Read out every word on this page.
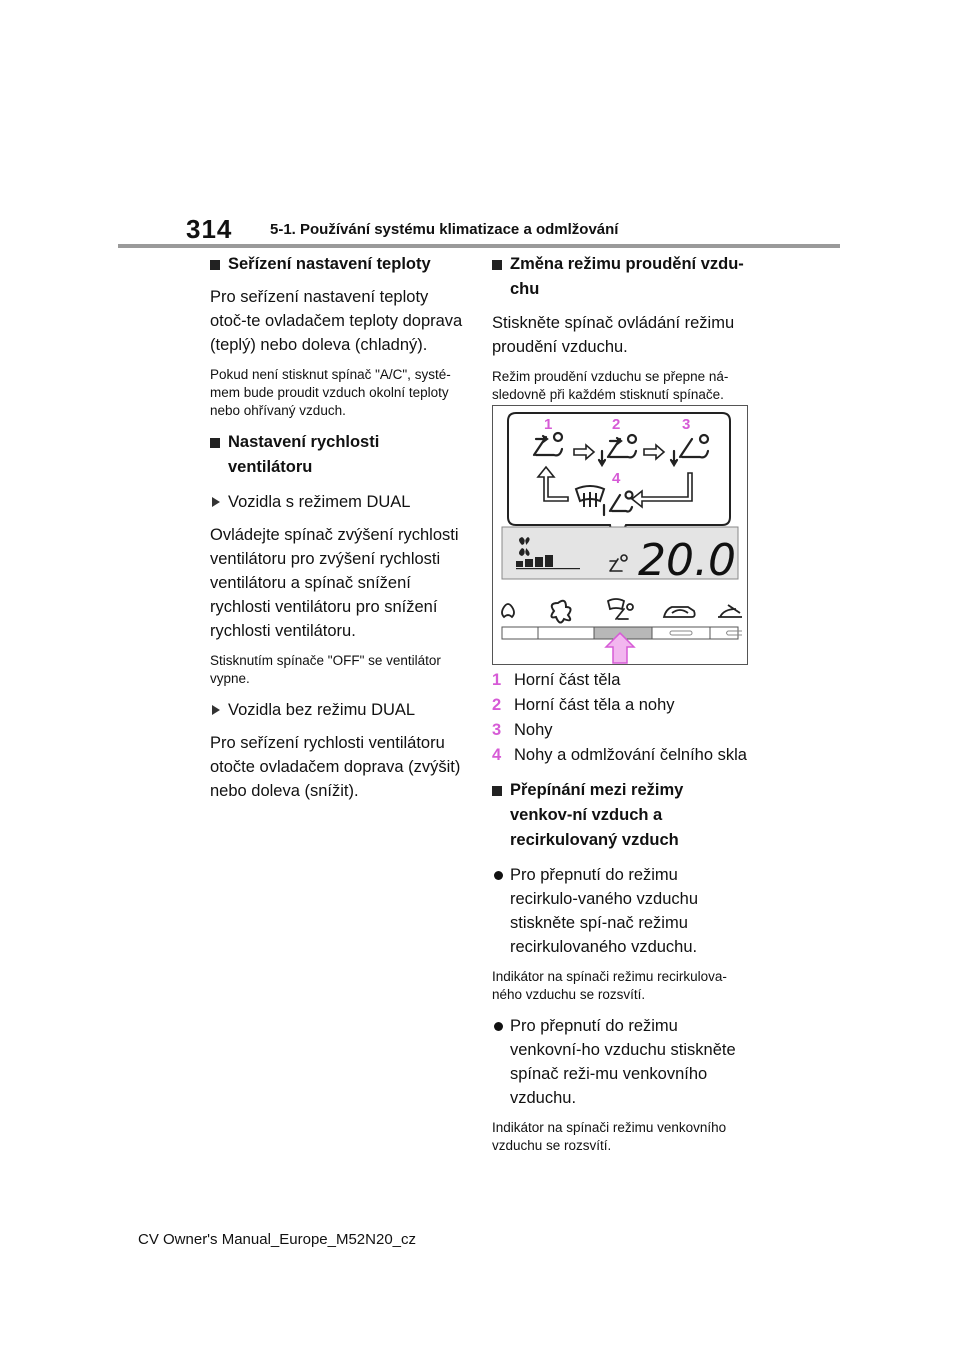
314	5-1. Používání systému klimatizace a odmlžování
Seřízení nastavení teploty
Pro seřízení nastavení teploty otoč-te ovladačem teploty doprava (teplý) nebo doleva (chladný).
Pokud není stisknut spínač "A/C", systé-mem bude proudit vzduch okolní teploty nebo ohřívaný vzduch.
Nastavení rychlosti ventilátoru
Vozidla s režimem DUAL
Ovládejte spínač zvýšení rychlosti ventilátoru pro zvýšení rychlosti ventilátoru a spínač snížení rychlosti ventilátoru pro snížení rychlosti ventilátoru.
Stisknutím spínače "OFF" se ventilátor vypne.
Vozidla bez režimu DUAL
Pro seřízení rychlosti ventilátoru otočte ovladačem doprava (zvýšit) nebo doleva (snížit).
Změna režimu proudění vzdu-chu
Stiskněte spínač ovládání režimu proudění vzduchu.
Režim proudění vzduchu se přepne ná-sledovně při každém stisknutí spínače.
1	2	3
4
20.0
1 Horní část těla
2 Horní část těla a nohy
3 Nohy
4 Nohy a odmlžování čelního skla
Přepínání mezi režimy venkov-ní vzduch a recirkulovaný vzduch
Pro přepnutí do režimu recirkulo-vaného vzduchu stiskněte spí-nač režimu recirkulovaného vzduchu.
Indikátor na spínači režimu recirkulova-ného vzduchu se rozsvítí.
Pro přepnutí do režimu venkovní-ho vzduchu stiskněte spínač reži-mu venkovního vzduchu.
Indikátor na spínači režimu venkovního vzduchu se rozsvítí.
CV Owner's Manual_Europe_M52N20_cz
